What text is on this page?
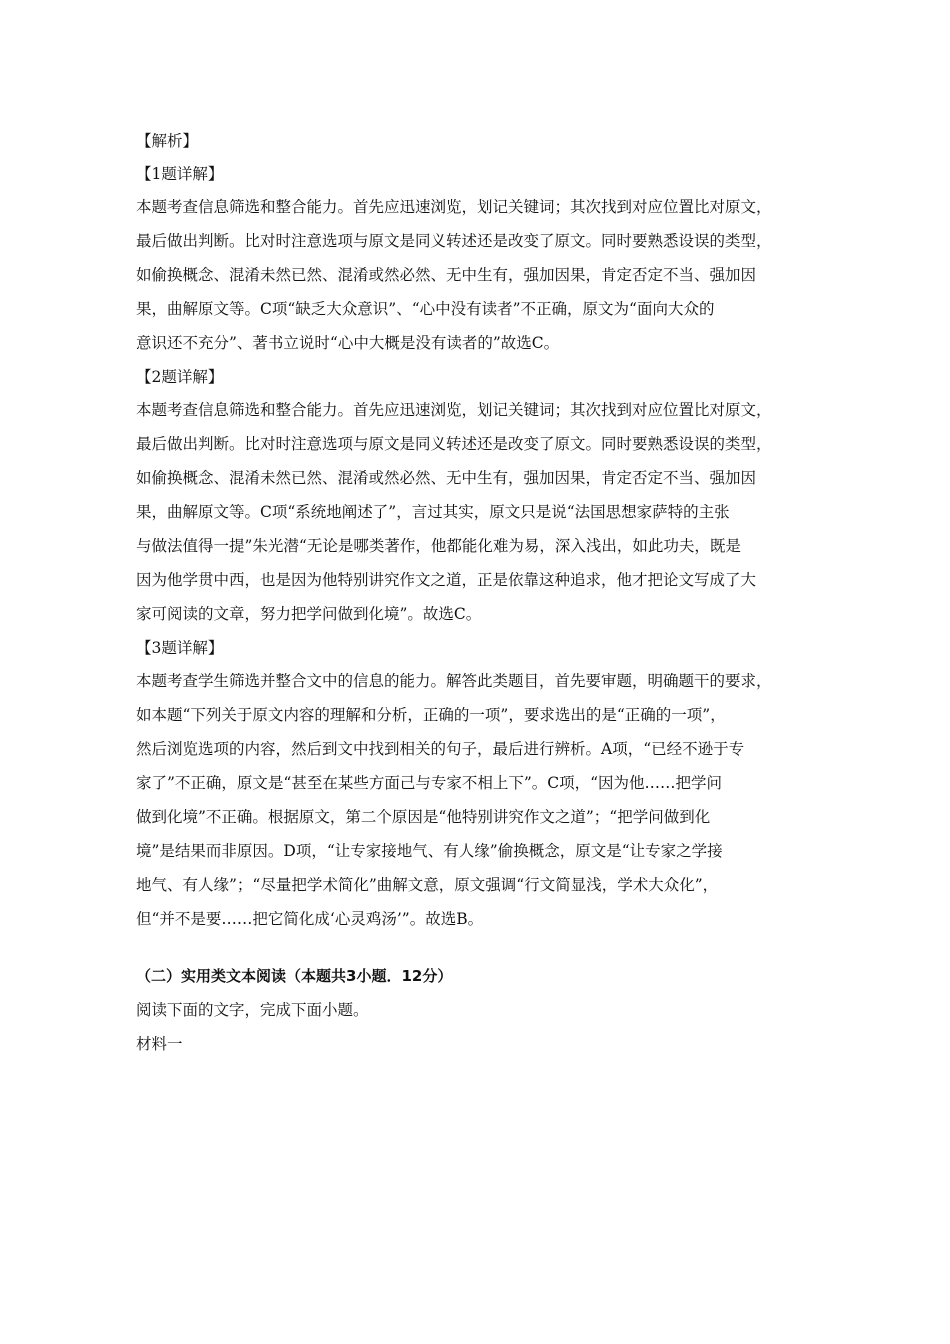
【解析】
【1题详解】
本题考查信息筛选和整合能力。首先应迅速浏览，划记关键词；其次找到对应位置比对原文，
最后做出判断。比对时注意选项与原文是同义转述还是改变了原文。同时要熟悉设误的类型，
如偷换概念、混淆未然已然、混淆或然必然、无中生有，强加因果，肯定否定不当、强加因
果，曲解原文等。C项“缺乏大众意识”、“心中没有读者”不正确，原文为“面向大众的
意识还不充分”、著书立说时“心中大概是没有读者的”故选C。
【2题详解】
本题考查信息筛选和整合能力。首先应迅速浏览，划记关键词；其次找到对应位置比对原文，
最后做出判断。比对时注意选项与原文是同义转述还是改变了原文。同时要熟悉设误的类型，
如偷换概念、混淆未然已然、混淆或然必然、无中生有，强加因果，肯定否定不当、强加因
果，曲解原文等。C项“系统地阐述了”，言过其实，原文只是说“法国思想家萨特的主张
与做法值得一提”朱光潜“无论是哪类著作，他都能化难为易，深入浅出，如此功夫，既是
因为他学贯中西，也是因为他特别讲究作文之道，正是依靠这种追求，他才把论文写成了大
家可阅读的文章，努力把学问做到化境”。故选C。
【3题详解】
本题考查学生筛选并整合文中的信息的能力。解答此类题目，首先要审题，明确题干的要求，
如本题“下列关于原文内容的理解和分析，正确的一项”，要求选出的是“正确的一项”，
然后浏览选项的内容，然后到文中找到相关的句子，最后进行辨析。A项，“已经不逊于专
家了”不正确，原文是“甚至在某些方面己与专家不相上下”。C项，“因为他……把学问
做到化境”不正确。根据原文，第二个原因是“他特别讲究作文之道”；“把学问做到化
境”是结果而非原因。D项，“让专家接地气、有人缘”偷换概念，原文是“让专家之学接
地气、有人缘”；“尽量把学术简化”曲解文意，原文强调“行文简显浅，学术大众化”，
但“并不是要……把它简化成‘心灵鸡汤’”。故选B。
（二）实用类文本阅读（本题共3小题．12分）
阅读下面的文字，完成下面小题。
材料一
